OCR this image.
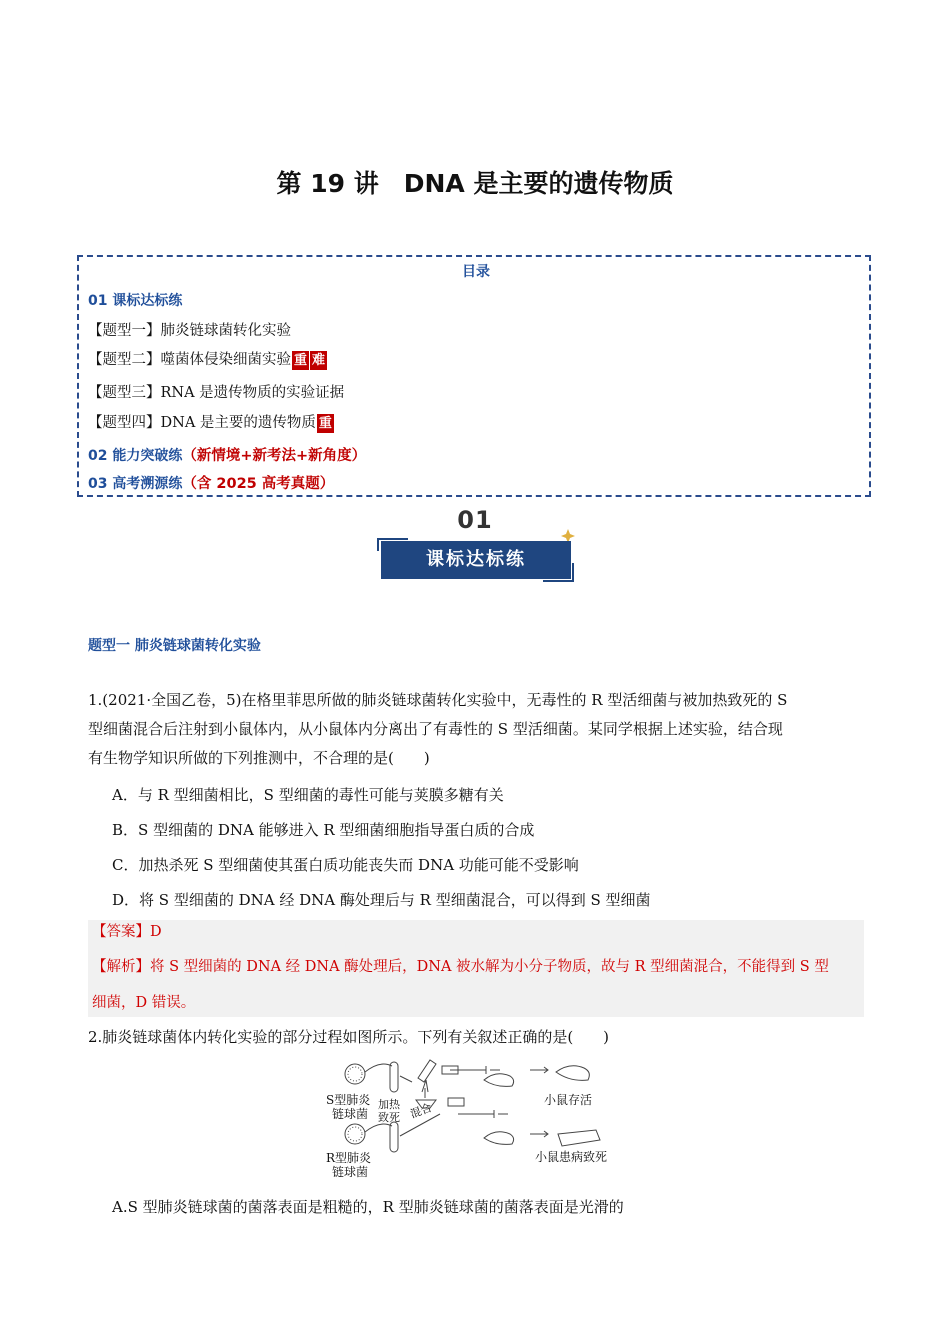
第 19 讲　DNA 是主要的遗传物质
目录
01 课标达标练
【题型一】肺炎链球菌转化实验
【题型二】噬菌体侵染细菌实验 重 难
【题型三】RNA 是遗传物质的实验证据
【题型四】DNA 是主要的遗传物质 重
02 能力突破练（新情境+新考法+新角度）
03 高考溯源练（含 2025 高考真题）
01
课标达标练
题型一 肺炎链球菌转化实验
1.(2021·全国乙卷，5)在格里菲思所做的肺炎链球菌转化实验中，无毒性的 R 型活细菌与被加热致死的 S
型细菌混合后注射到小鼠体内，从小鼠体内分离出了有毒性的 S 型活细菌。某同学根据上述实验，结合现
有生物学知识所做的下列推测中，不合理的是(　　)
A．与 R 型细菌相比，S 型细菌的毒性可能与荚膜多糖有关
B．S 型细菌的 DNA 能够进入 R 型细菌细胞指导蛋白质的合成
C．加热杀死 S 型细菌使其蛋白质功能丧失而 DNA 功能可能不受影响
D．将 S 型细菌的 DNA 经 DNA 酶处理后与 R 型细菌混合，可以得到 S 型细菌
【答案】D
【解析】将 S 型细菌的 DNA 经 DNA 酶处理后，DNA 被水解为小分子物质，故与 R 型细菌混合，不能得到 S 型
细菌，D 错误。
2.肺炎链球菌体内转化实验的部分过程如图所示。下列有关叙述正确的是(　　)
S型肺炎
链球菌
加热
致死 混合
R型肺炎
链球菌
小鼠存活
小鼠患病致死
A.S 型肺炎链球菌的菌落表面是粗糙的，R 型肺炎链球菌的菌落表面是光滑的
